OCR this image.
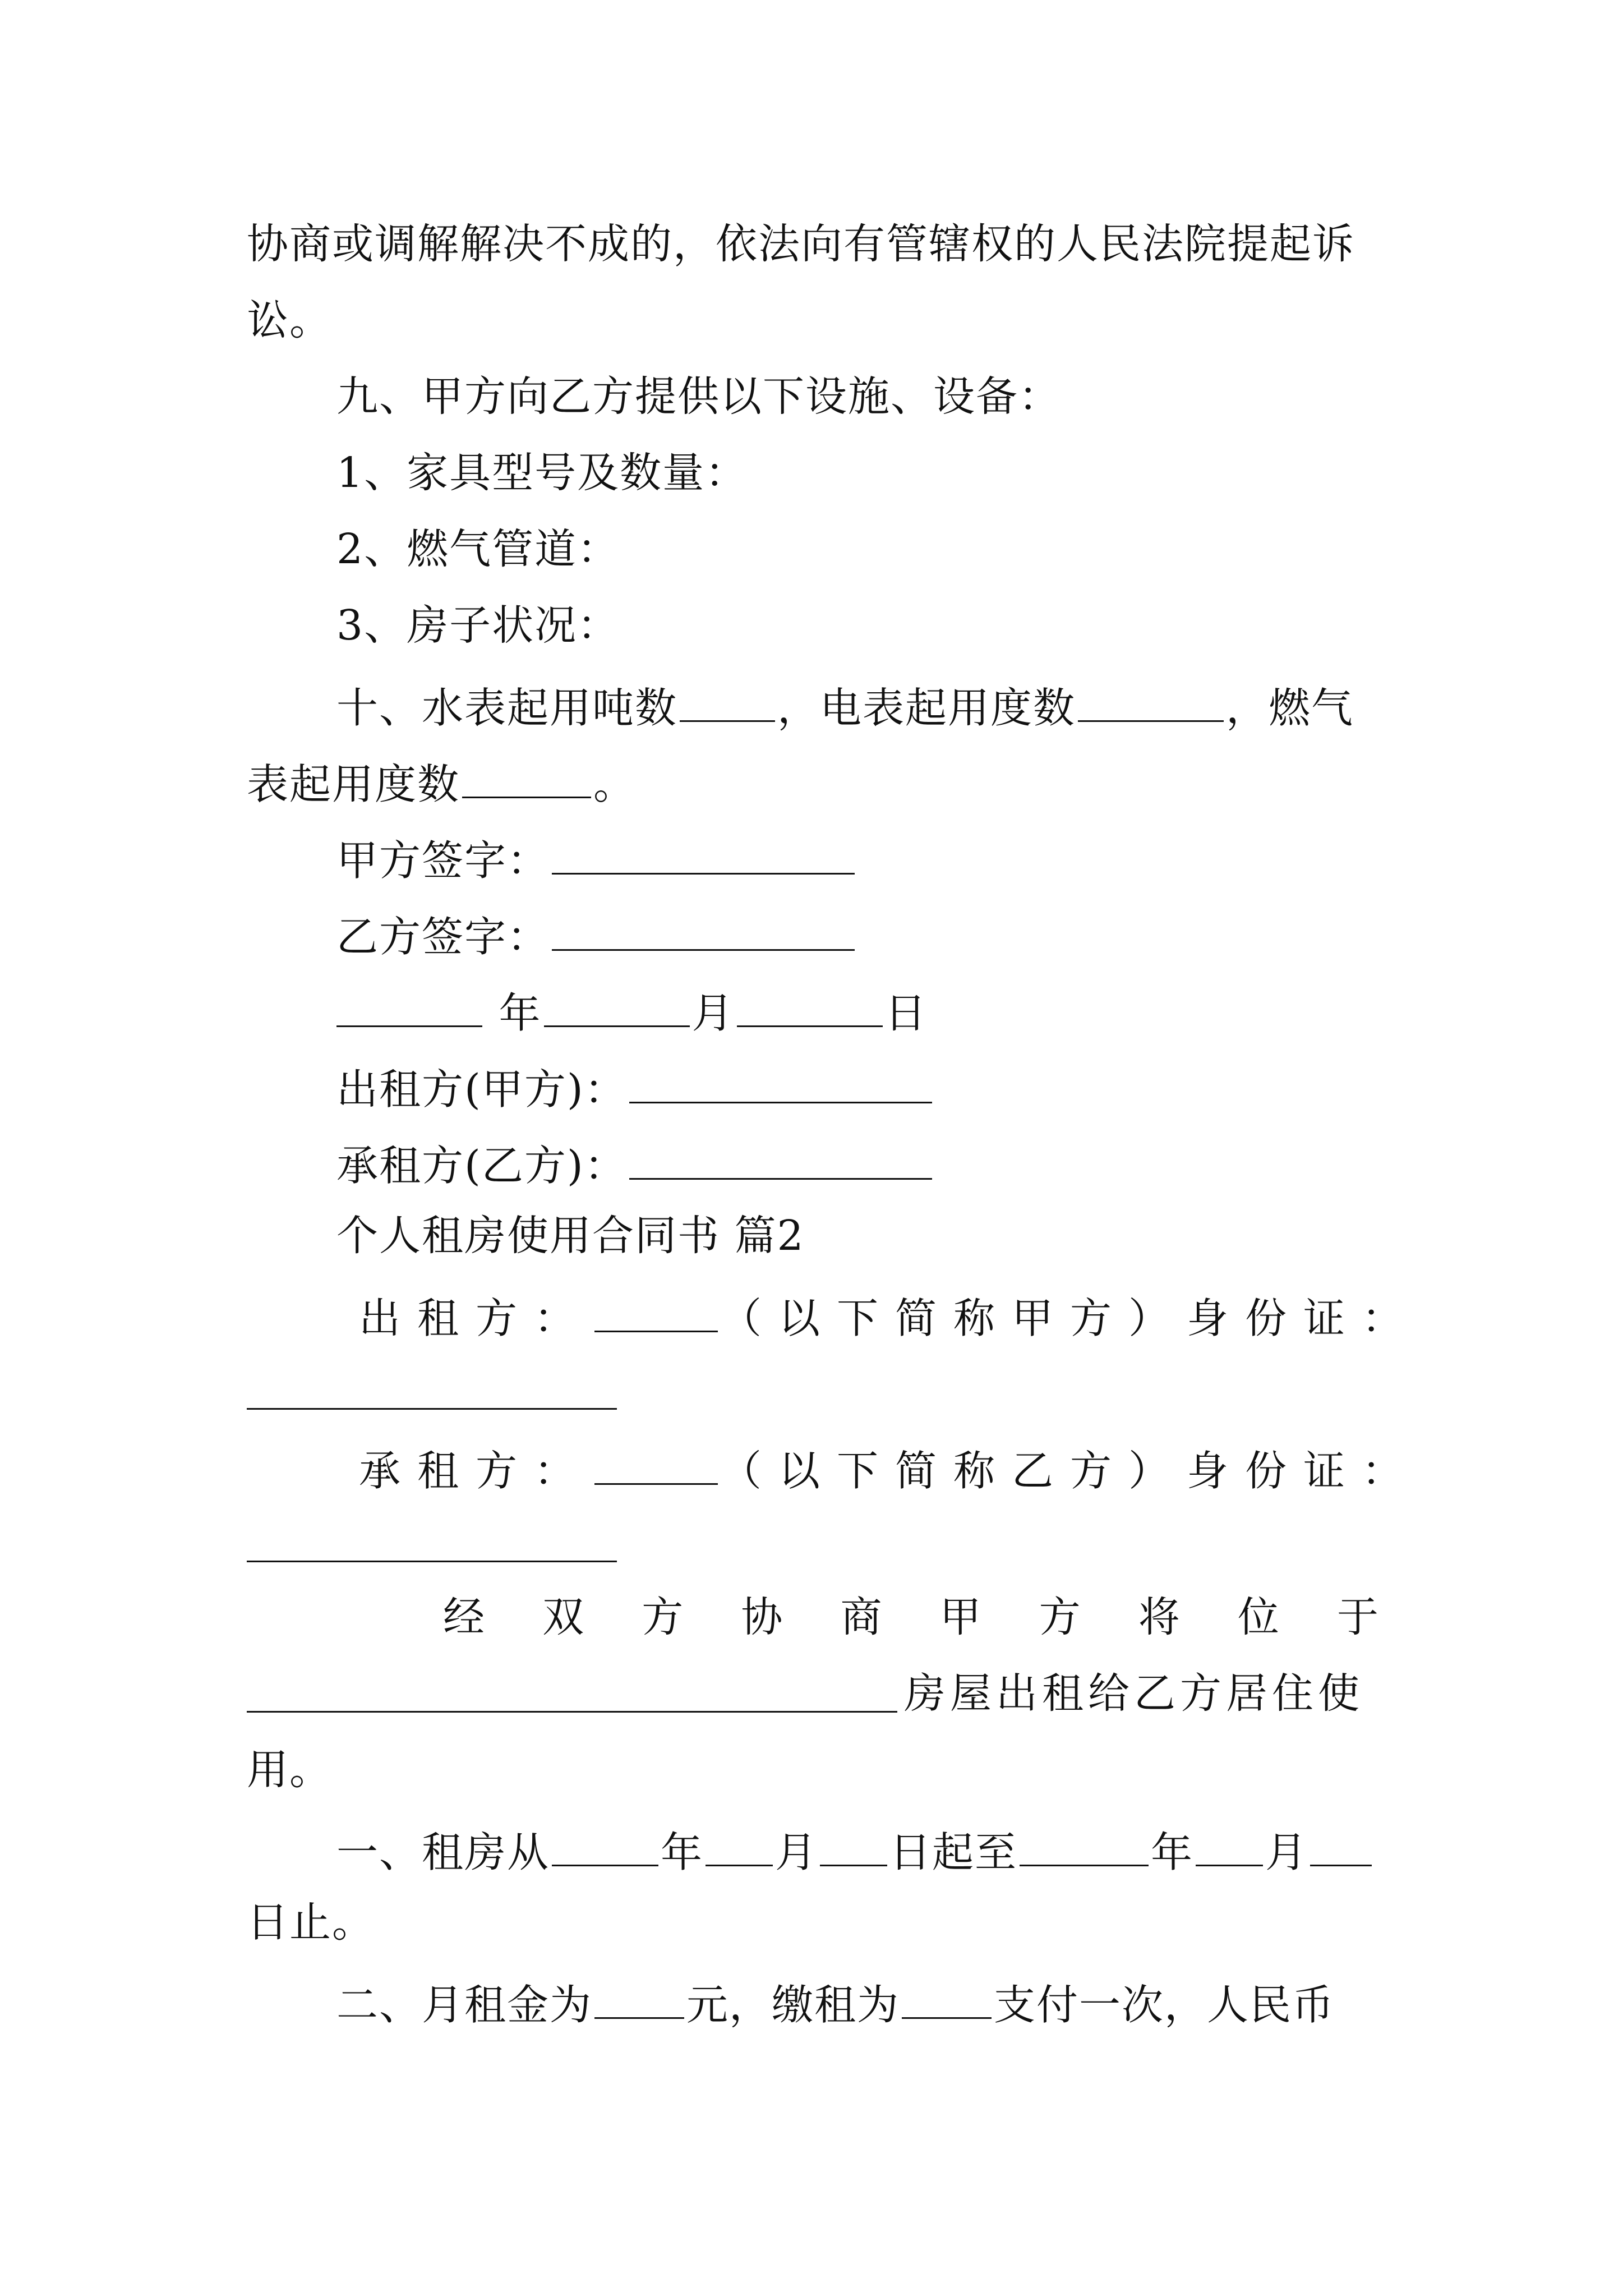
协商或调解解决不成的，依法向有管辖权的人民法院提起诉
讼。
九、甲方向乙方提供以下设施、设备：
1、家具型号及数量：
2、燃气管道：
3、房子状况：
十、水表起用吨数 ，电表起用度数	，燃气
表起用度数	。
甲方签字：
乙方签字：
年	月	日
出租方(甲方)：
承租方(乙方)：
个人租房使用合同书 篇2
出租方：	（以下简称甲方）身份证：
承租方：	（以下简称乙方）身份证：
经双方协商甲方将位于
房屋出租给乙方居住使
用。
一、租房从	年 月 日起至	年 月
日止。
二、月租金为 元，缴租为 支付一次，人民币
